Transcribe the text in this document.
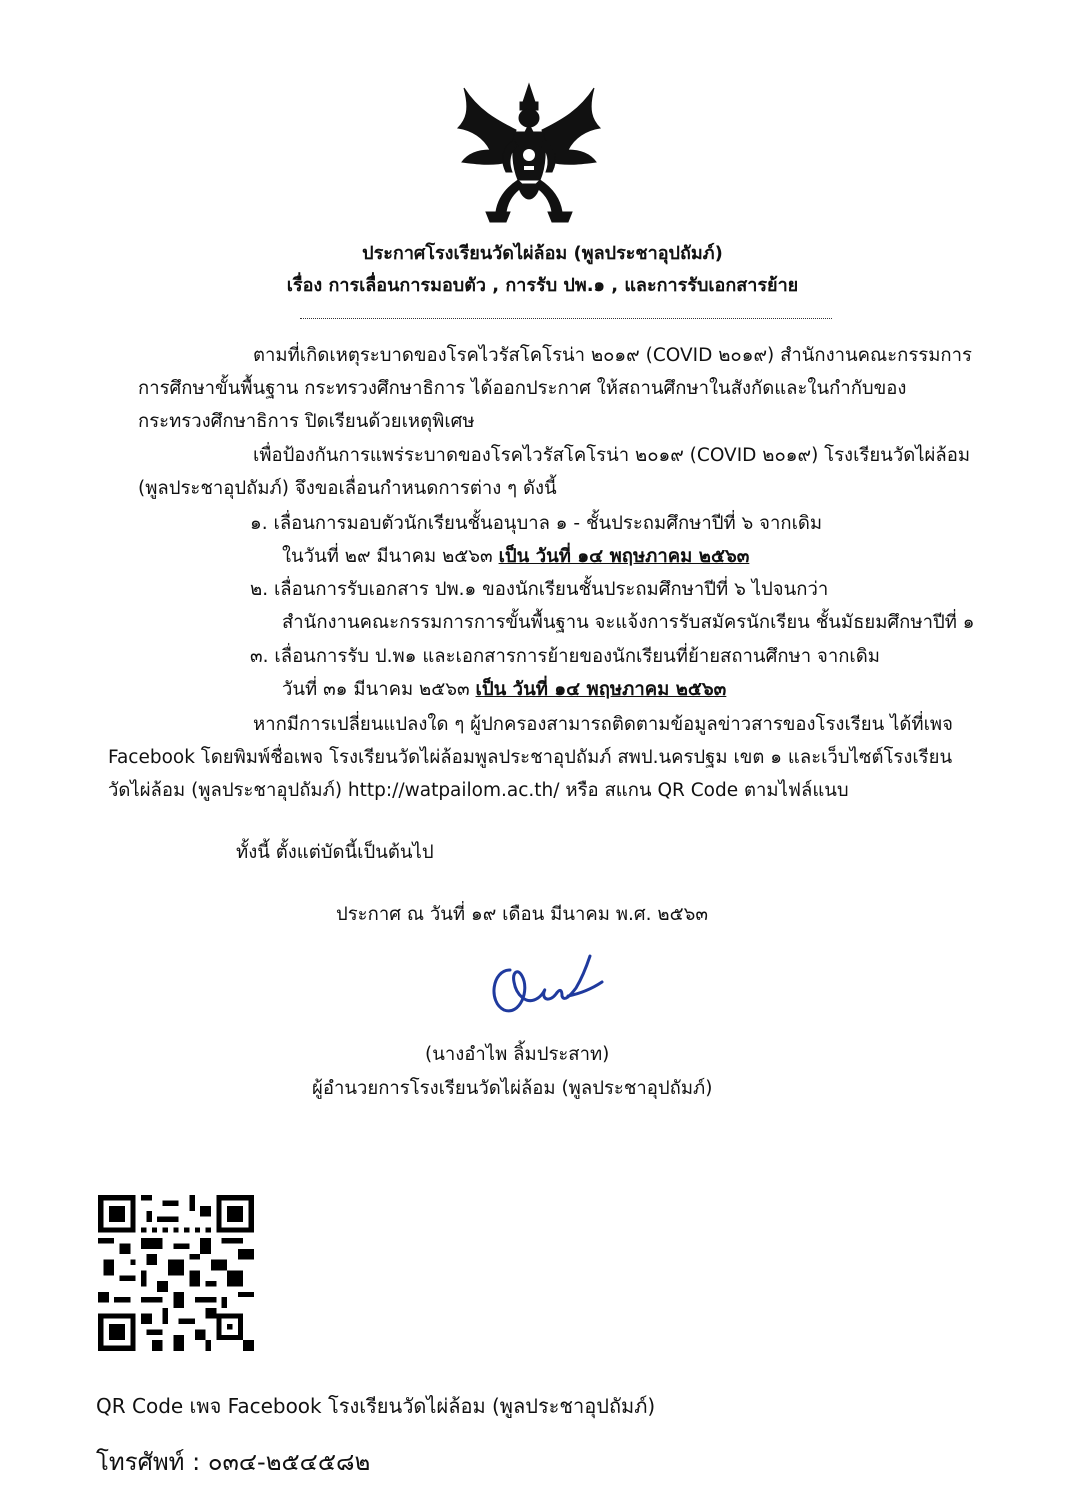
ประกาศโรงเรียนวัดไผ่ล้อม (พูลประชาอุปถัมภ์)
เรื่อง การเลื่อนการมอบตัว , การรับ ปพ.๑ , และการรับเอกสารย้าย
ตามที่เกิดเหตุระบาดของโรคไวรัสโคโรน่า ๒๐๑๙ (COVID ๒๐๑๙) สำนักงานคณะกรรมการ
การศึกษาขั้นพื้นฐาน กระทรวงศึกษาธิการ ได้ออกประกาศ ให้สถานศึกษาในสังกัดและในกำกับของ
กระทรวงศึกษาธิการ ปิดเรียนด้วยเหตุพิเศษ
เพื่อป้องกันการแพร่ระบาดของโรคไวรัสโคโรน่า ๒๐๑๙ (COVID ๒๐๑๙) โรงเรียนวัดไผ่ล้อม
(พูลประชาอุปถัมภ์) จึงขอเลื่อนกำหนดการต่าง ๆ ดังนี้
๑. เลื่อนการมอบตัวนักเรียนชั้นอนุบาล ๑ - ชั้นประถมศึกษาปีที่ ๖ จากเดิม
ในวันที่ ๒๙ มีนาคม ๒๕๖๓ เป็น วันที่ ๑๔ พฤษภาคม ๒๕๖๓
๒. เลื่อนการรับเอกสาร ปพ.๑ ของนักเรียนชั้นประถมศึกษาปีที่ ๖ ไปจนกว่า
สำนักงานคณะกรรมการการขั้นพื้นฐาน จะแจ้งการรับสมัครนักเรียน ชั้นมัธยมศึกษาปีที่ ๑
๓. เลื่อนการรับ ป.พ๑ และเอกสารการย้ายของนักเรียนที่ย้ายสถานศึกษา จากเดิม
วันที่ ๓๑ มีนาคม ๒๕๖๓ เป็น วันที่ ๑๔ พฤษภาคม ๒๕๖๓
หากมีการเปลี่ยนแปลงใด ๆ ผู้ปกครองสามารถติดตามข้อมูลข่าวสารของโรงเรียน ได้ที่เพจ
Facebook โดยพิมพ์ชื่อเพจ โรงเรียนวัดไผ่ล้อมพูลประชาอุปถัมภ์ สพป.นครปฐม เขต ๑ และเว็บไซต์โรงเรียน
วัดไผ่ล้อม (พูลประชาอุปถัมภ์) http://watpailom.ac.th/ หรือ สแกน QR Code ตามไฟล์แนบ
ทั้งนี้ ตั้งแต่บัดนี้เป็นต้นไป
ประกาศ ณ วันที่ ๑๙ เดือน มีนาคม พ.ศ. ๒๕๖๓
(นางอำไพ ลิ้มประสาท)
ผู้อำนวยการโรงเรียนวัดไผ่ล้อม (พูลประชาอุปถัมภ์)
QR Code เพจ Facebook โรงเรียนวัดไผ่ล้อม (พูลประชาอุปถัมภ์)
โทรศัพท์ : ๐๓๔-๒๕๔๕๘๒
